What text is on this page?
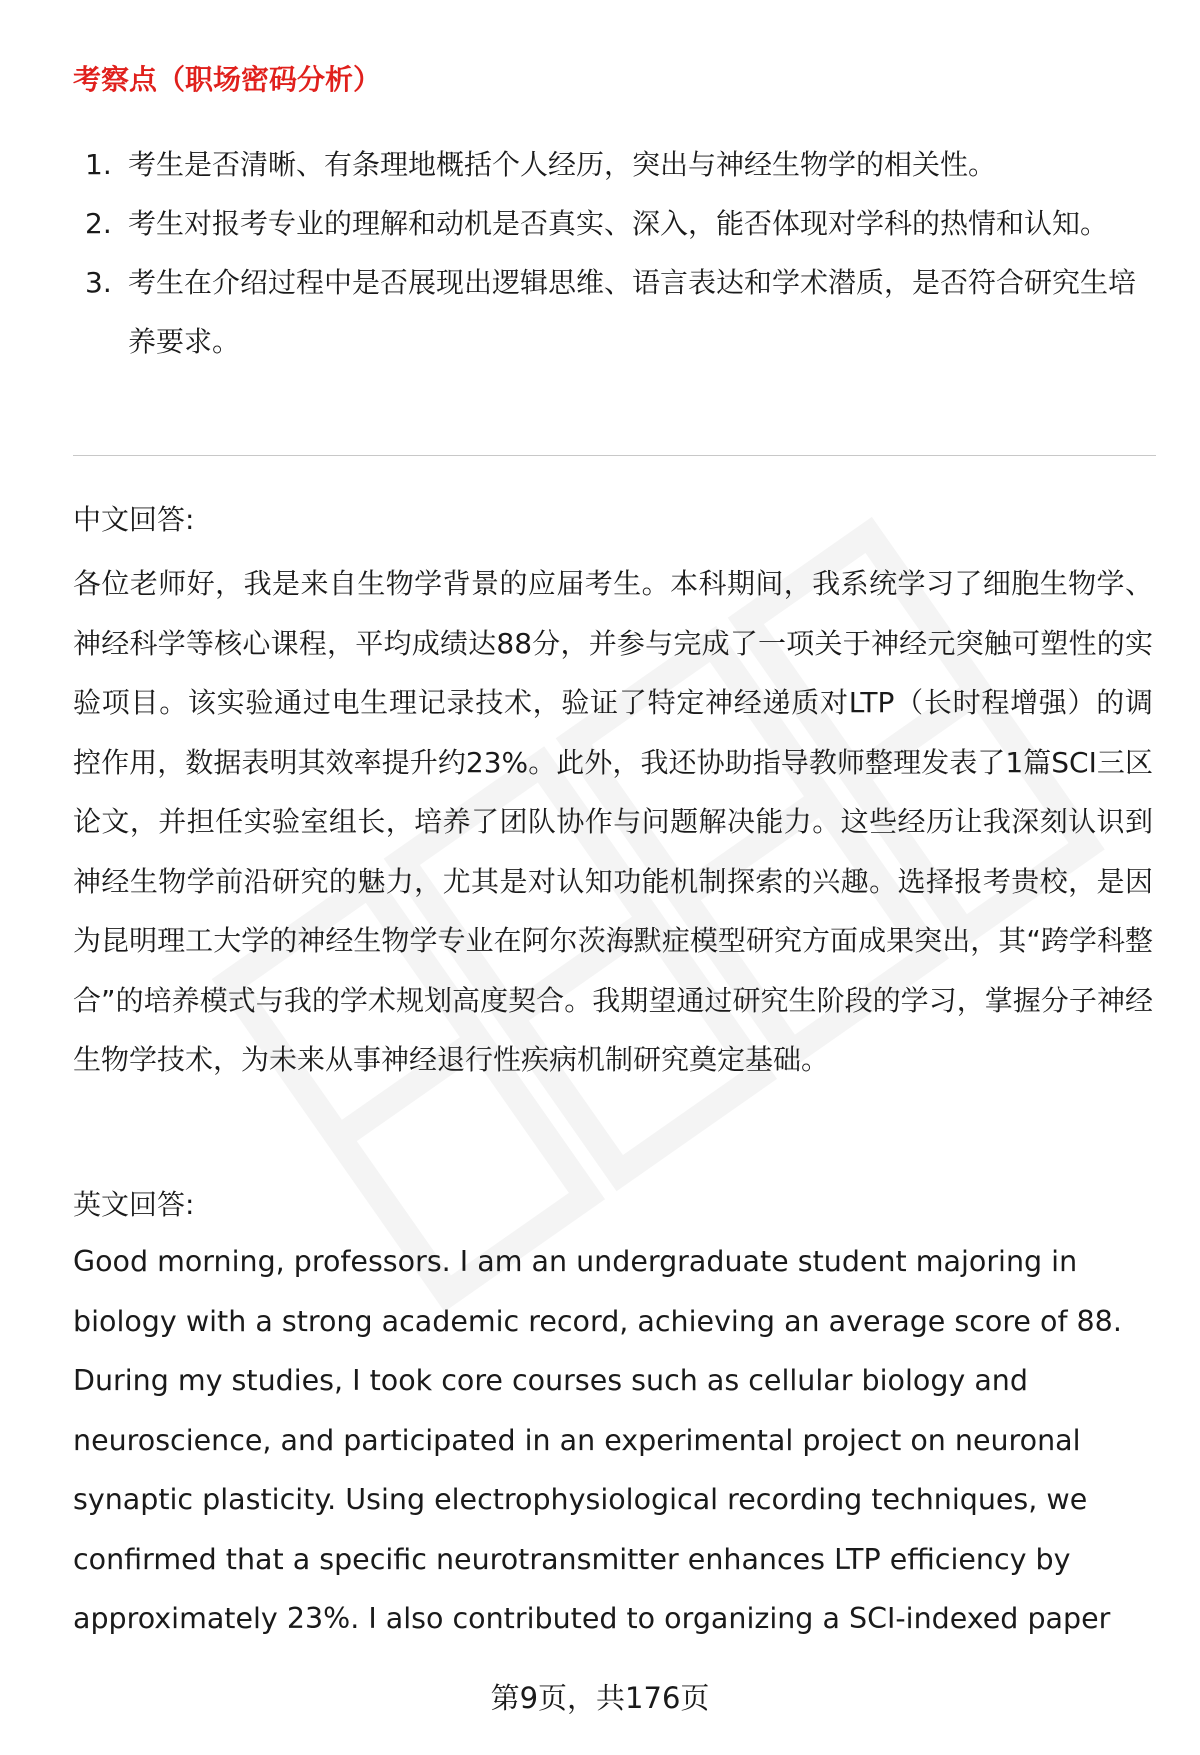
考察点（职场密码分析）
1. 考生是否清晰、有条理地概括个人经历，突出与神经生物学的相关性。
2. 考生对报考专业的理解和动机是否真实、深入，能否体现对学科的热情和认知。
3. 考生在介绍过程中是否展现出逻辑思维、语言表达和学术潜质，是否符合研究生培养要求。
中文回答:

各位老师好，我是来自生物学背景的应届考生。本科期间，我系统学习了细胞生物学、神经科学等核心课程，平均成绩达88分，并参与完成了一项关于神经元突触可塑性的实验项目。该实验通过电生理记录技术，验证了特定神经递质对LTP（长时程增强）的调控作用，数据表明其效率提升约23%。此外，我还协助指导教师整理发表了1篇SCI三区论文，并担任实验室组长，培养了团队协作与问题解决能力。这些经历让我深刻认识到神经生物学前沿研究的魅力，尤其是对认知功能机制探索的兴趣。选择报考贵校，是因为昆明理工大学的神经生物学专业在阿尔茨海默症模型研究方面成果突出，其“跨学科整合”的培养模式与我的学术规划高度契合。我期望通过研究生阶段的学习，掌握分子神经生物学技术，为未来从事神经退行性疾病机制研究奠定基础。

英文回答:

Good morning, professors. I am an undergraduate student majoring in biology with a strong academic record, achieving an average score of 88. During my studies, I took core courses such as cellular biology and neuroscience, and participated in an experimental project on neuronal synaptic plasticity. Using electrophysiological recording techniques, we confirmed that a specific neurotransmitter enhances LTP efficiency by approximately 23%. I also contributed to organizing a SCI-indexed paper

第9页，共176页
